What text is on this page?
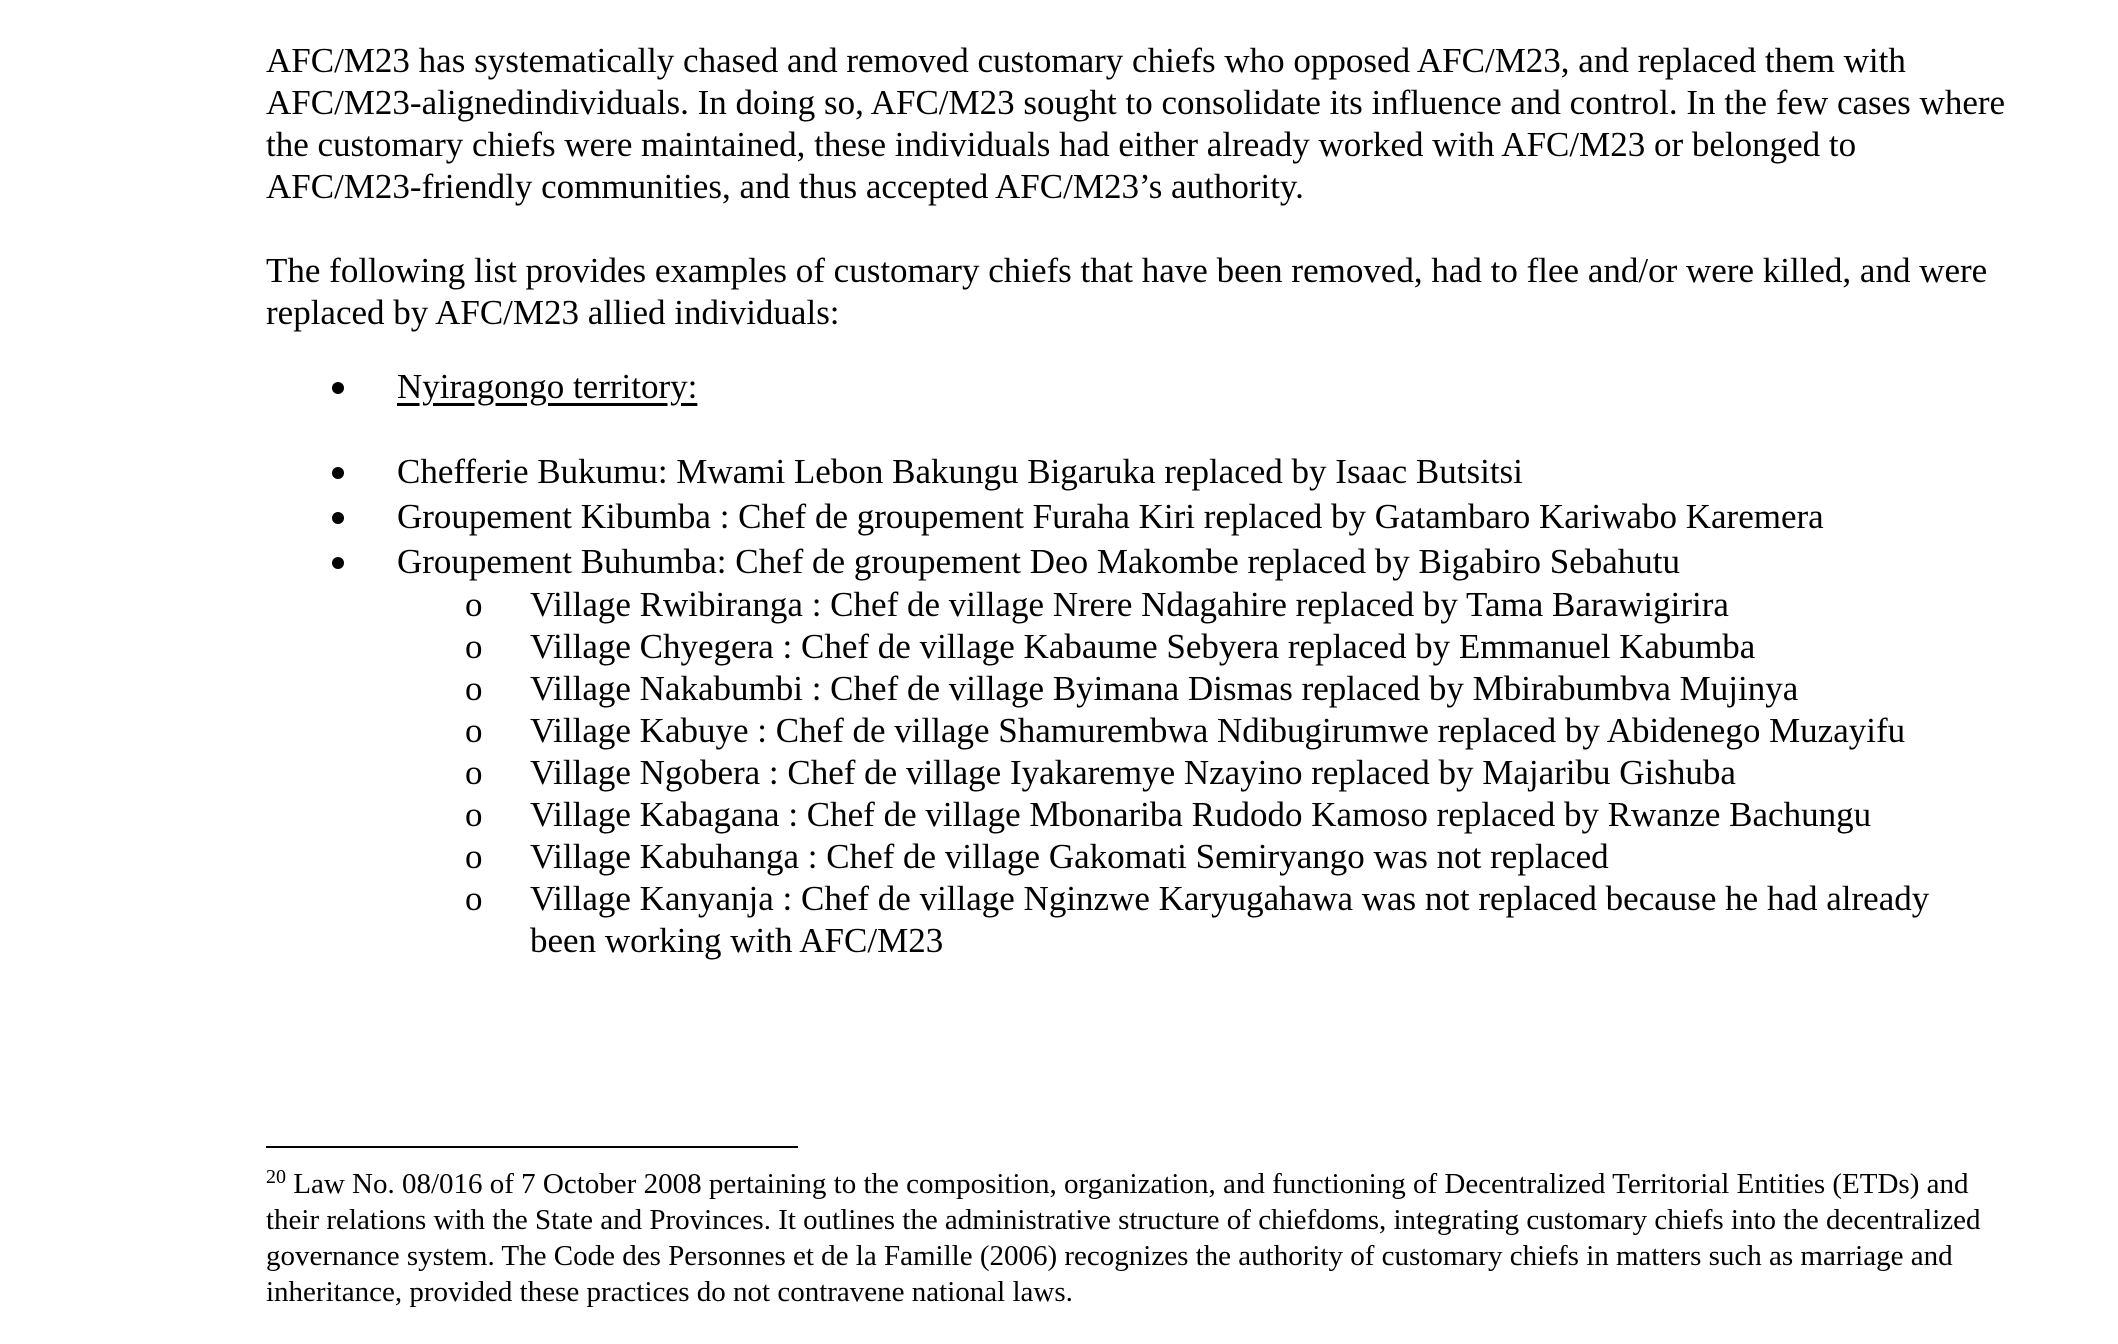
AFC/M23 has systematically chased and removed customary chiefs who opposed AFC/M23, and replaced them with AFC/M23-alignedindividuals. In doing so, AFC/M23 sought to consolidate its influence and control. In the few cases where the customary chiefs were maintained, these individuals had either already worked with AFC/M23 or belonged to AFC/M23-friendly communities, and thus accepted AFC/M23’s authority.

The following list provides examples of customary chiefs that have been removed, had to flee and/or were killed, and were replaced by AFC/M23 allied individuals:

Nyiragongo territory:
Chefferie Bukumu: Mwami Lebon Bakungu Bigaruka replaced by Isaac Butsitsi
Groupement Kibumba : Chef de groupement Furaha Kiri replaced by Gatambaro Kariwabo Karemera
Groupement Buhumba: Chef de groupement Deo Makombe replaced by Bigabiro Sebahutu
o Village Rwibiranga : Chef de village Nrere Ndagahire replaced by Tama Barawigirira
o Village Chyegera : Chef de village Kabaume Sebyera replaced by Emmanuel Kabumba
o Village Nakabumbi : Chef de village Byimana Dismas replaced by Mbirabumbva Mujinya
o Village Kabuye : Chef de village Shamurembwa Ndibugirumwe replaced by Abidenego Muzayifu
o Village Ngobera : Chef de village Iyakaremye Nzayino replaced by Majaribu Gishuba
o Village Kabagana : Chef de village Mbonariba Rudodo Kamoso replaced by Rwanze Bachungu
o Village Kabuhanga : Chef de village Gakomati Semiryango was not replaced
o Village Kanyanja : Chef de village Nginzwe Karyugahawa was not replaced because he had already been working with AFC/M23

$^{20}$ Law No. 08/016 of 7 October 2008 pertaining to the composition, organization, and functioning of Decentralized Territorial Entities (ETDs) and their relations with the State and Provinces. It outlines the administrative structure of chiefdoms, integrating customary chiefs into the decentralized governance system. The Code des Personnes et de la Famille (2006) recognizes the authority of customary chiefs in matters such as marriage and inheritance, provided these practices do not contravene national laws.
